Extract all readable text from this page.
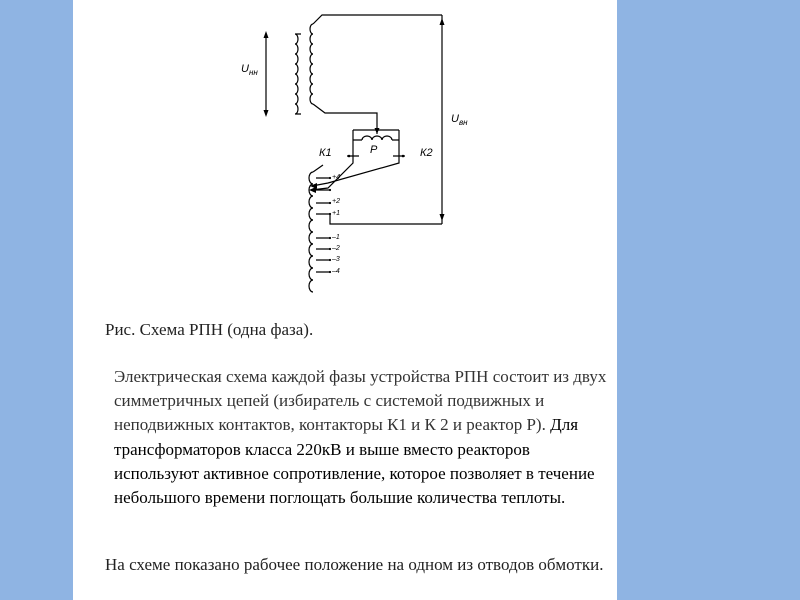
$U_{нн}$
$U_{вн}$
К1	К2
Р
+4
+2
+1
–1
–2
–3
–4

Рис. Схема РПН (одна фаза).

Электрическая схема каждой фазы устройства РПН состоит из двух симметричных цепей (избиратель с системой подвижных и неподвижных контактов, контакторы К1 и К 2 и реактор Р). Для трансформаторов класса 220кВ и выше вместо реакторов используют активное сопротивление, которое позволяет в течение небольшого времени поглощать большие количества теплоты.

На схеме показано рабочее положение на одном из отводов обмотки.
